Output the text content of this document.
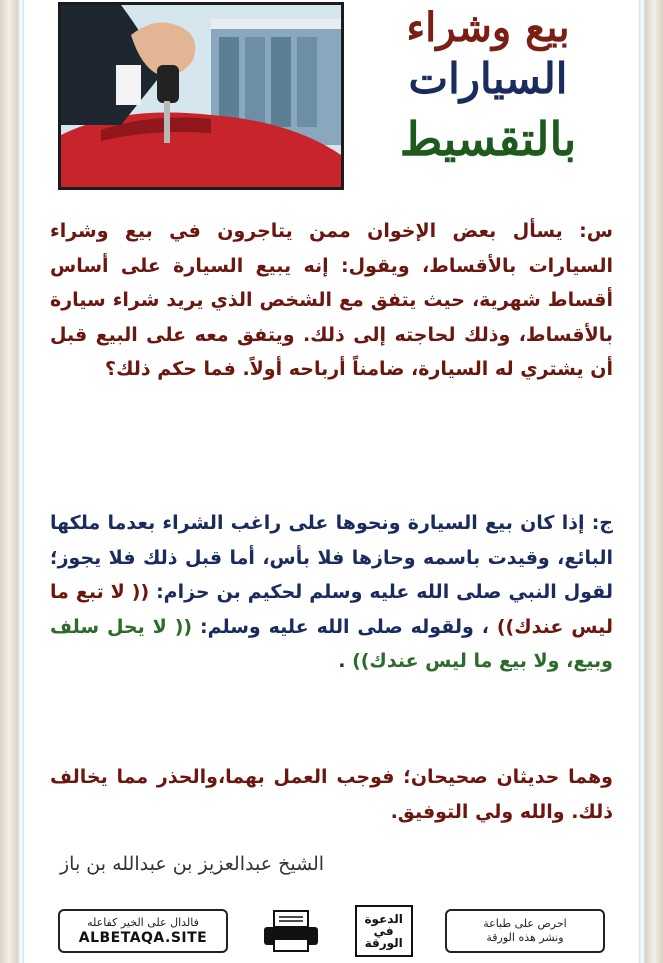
بيع وشراء
السيارات
بالتقسيط
س: يسأل بعض الإخوان ممن يتاجرون في بيع وشراء السيارات بالأقساط، ويقول: إنه يبيع السيارة على أساس أقساط شهرية، حيث يتفق مع الشخص الذي يريد شراء سيارة بالأقساط، وذلك لحاجته إلى ذلك. ويتفق معه على البيع قبل أن يشتري له السيارة، ضامناً أرباحه أولاً. فما حكم ذلك؟
ج: إذا كان بيع السيارة ونحوها على راغب الشراء بعدما ملكها البائع، وقيدت باسمه وحازها فلا بأس، أما قبل ذلك فلا يجوز؛ لقول النبي صلى الله عليه وسلم لحكيم بن حزام: (( لا تبع ما ليس عندك)) ، ولقوله صلى الله عليه وسلم: (( لا يحل سلف وبيع، ولا بيع ما ليس عندك)) .
وهما حديثان صحيحان؛ فوجب العمل بهما،والحذر مما يخالف ذلك. والله ولي التوفيق.
الشيخ عبدالعزيز بن عبدالله بن باز
فالدال على الخير كفاعله
ALBETAQA.SITE
الدعوة في الورقة
احرص على طباعة
ونشر هذه الورقة
